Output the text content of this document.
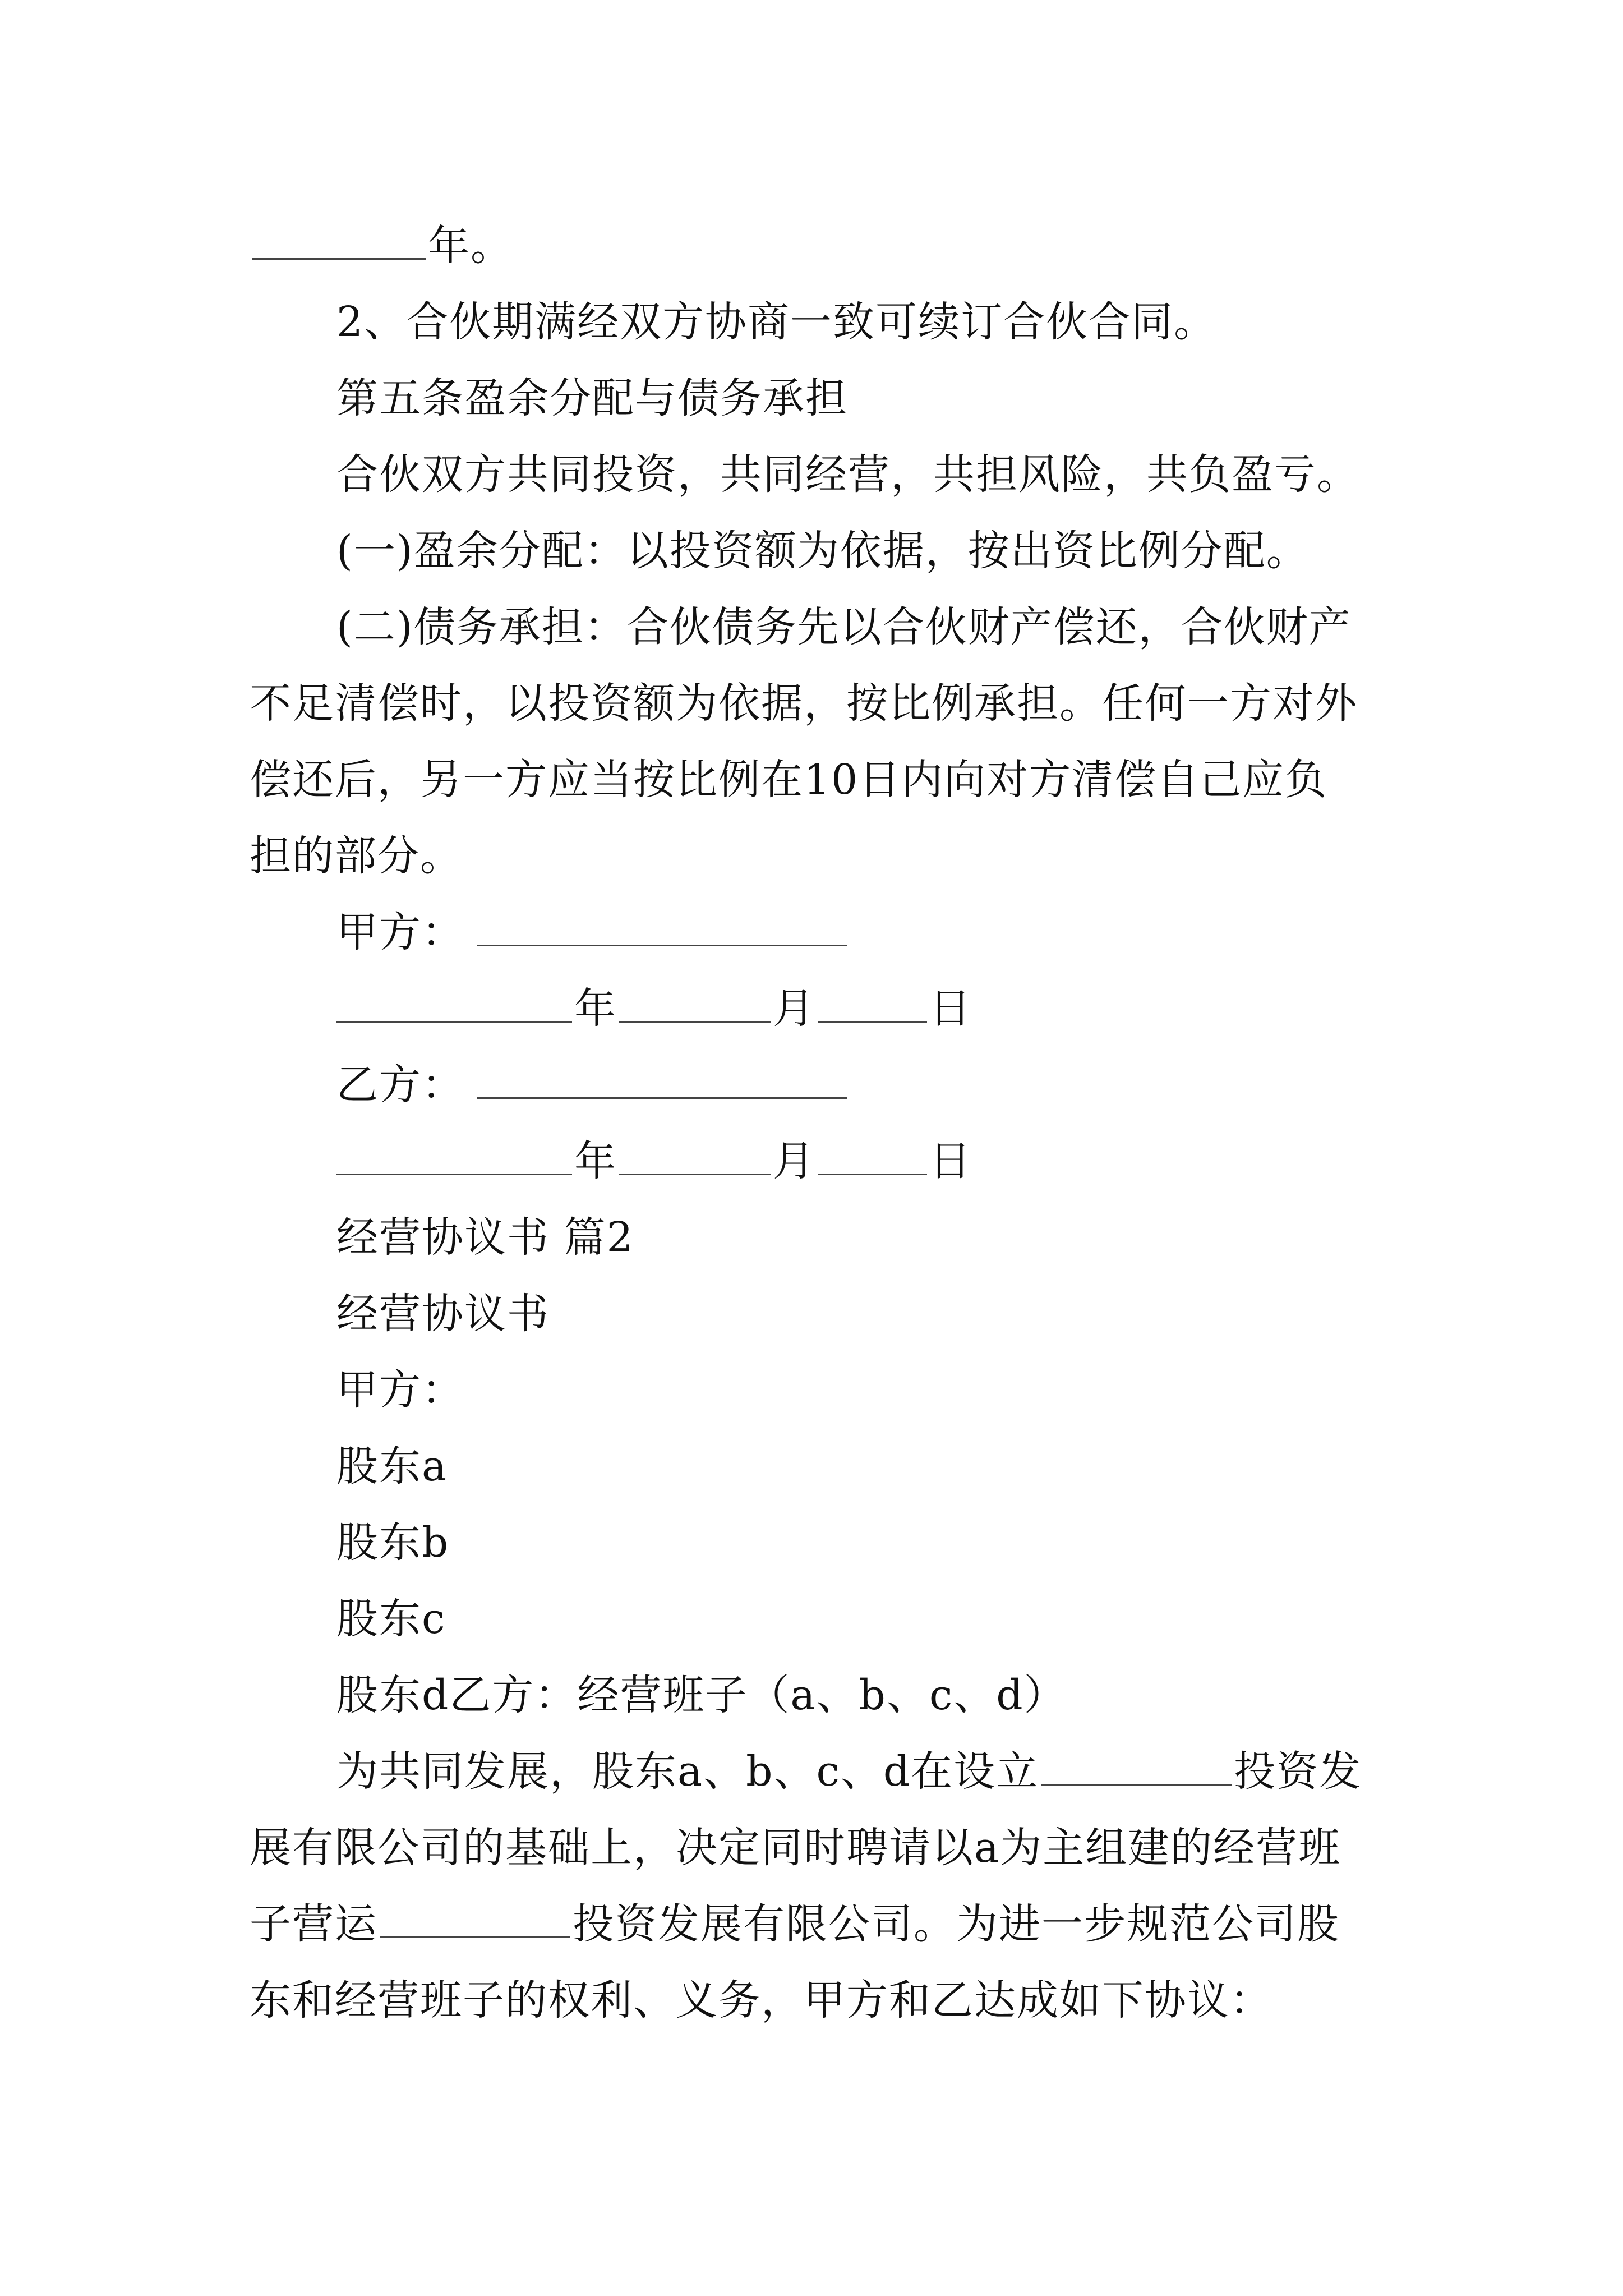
年。
2、合伙期满经双方协商一致可续订合伙合同。
第五条盈余分配与债务承担
合伙双方共同投资，共同经营，共担风险，共负盈亏。
(一)盈余分配：以投资额为依据，按出资比例分配。
(二)债务承担：合伙债务先以合伙财产偿还，合伙财产
不足清偿时，以投资额为依据，按比例承担。任何一方对外
偿还后，另一方应当按比例在10日内向对方清偿自己应负
担的部分。
甲方：
年	月	日
乙方：
年	月	日
经营协议书 篇2
经营协议书
甲方：
股东a
股东b
股东c
股东d乙方：经营班子（a、b、c、d）
为共同发展，股东a、b、c、d在设立	投资发
展有限公司的基础上，决定同时聘请以a为主组建的经营班
子营运	投资发展有限公司。为进一步规范公司股
东和经营班子的权利、义务，甲方和乙达成如下协议：
